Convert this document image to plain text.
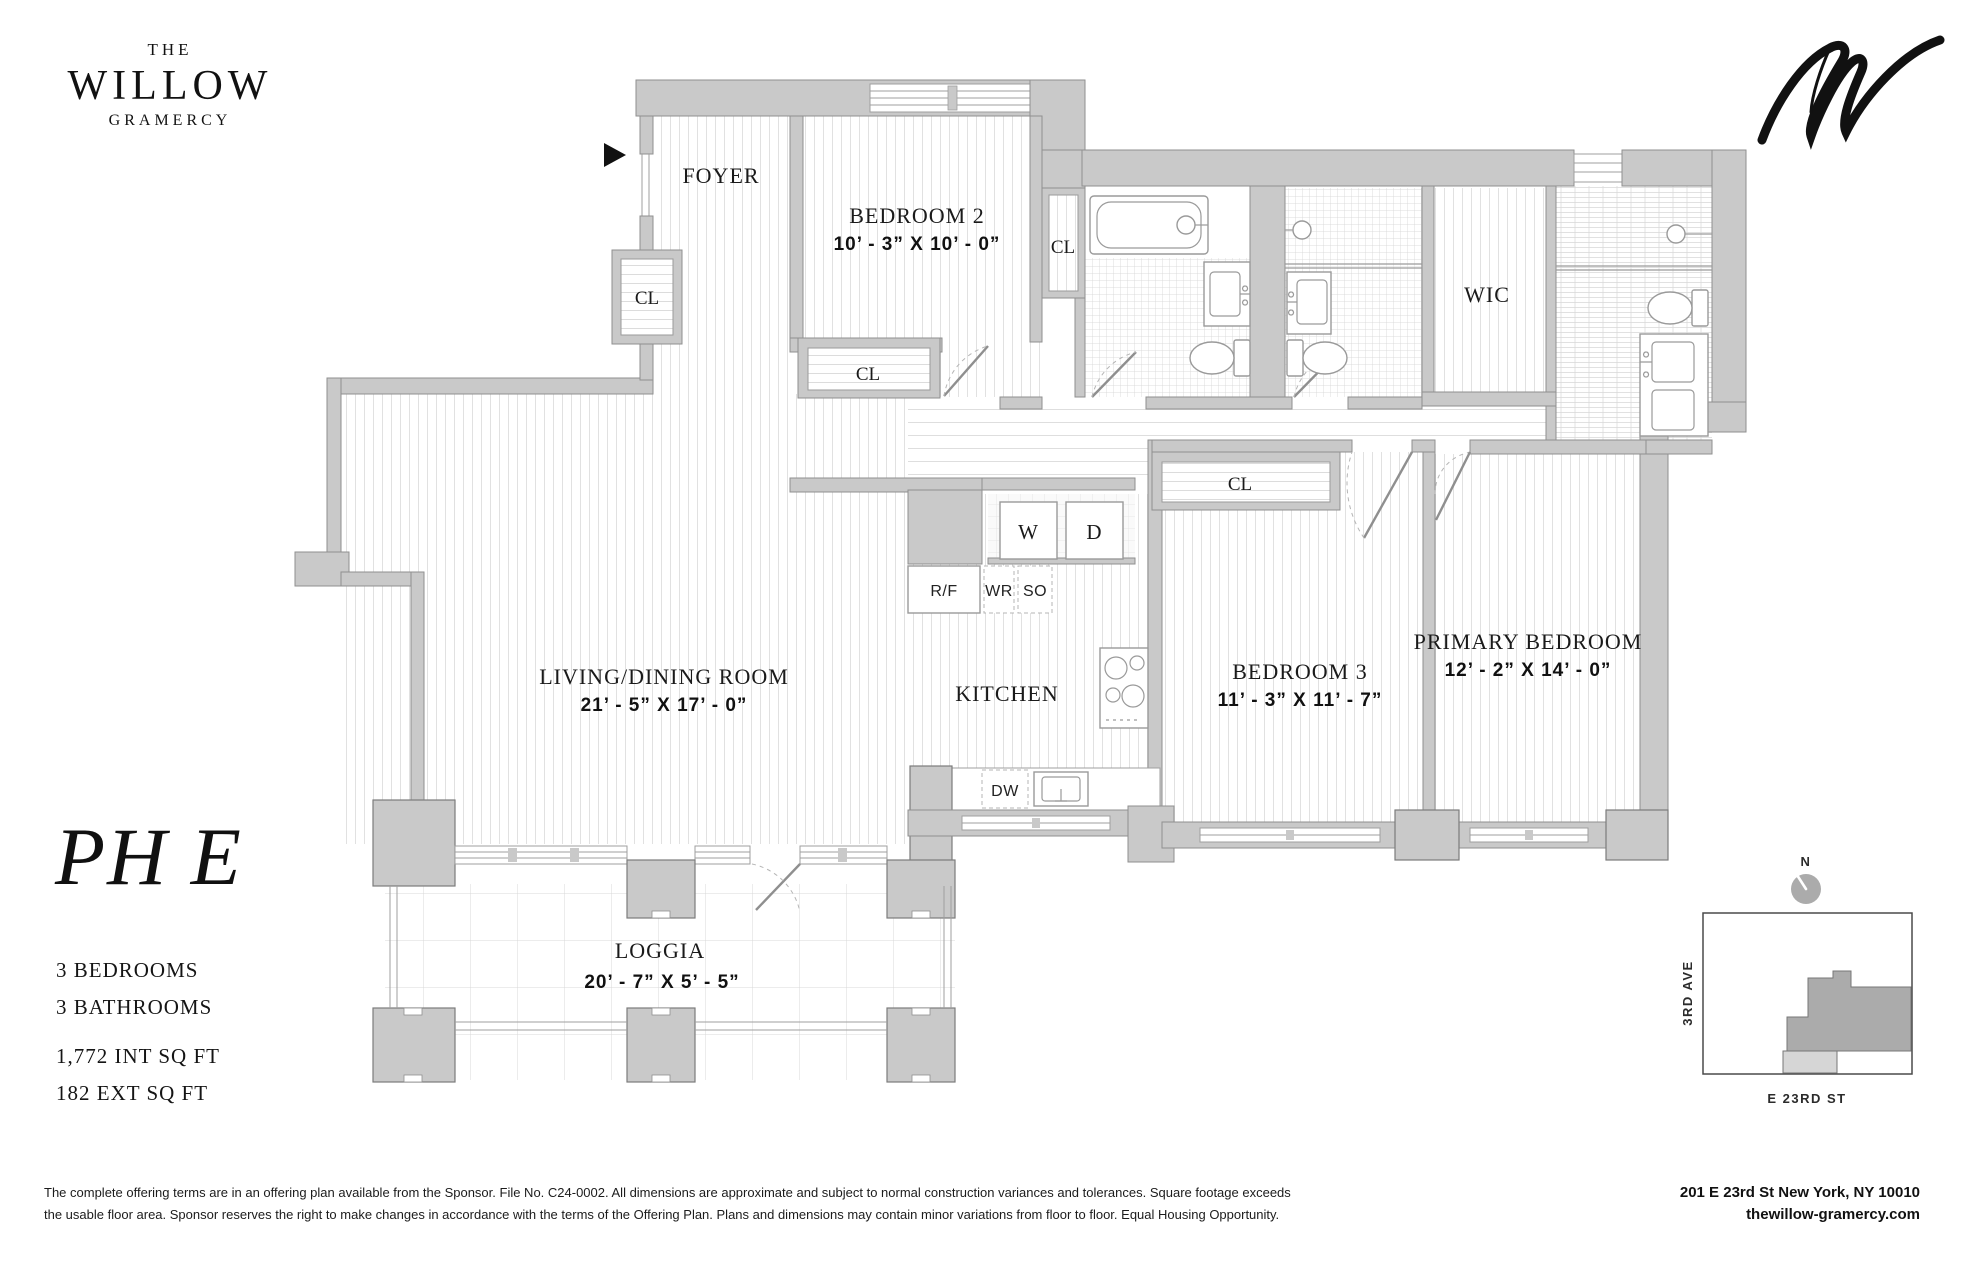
FOYER
BEDROOM 2
10’ - 3” X 10’ - 0”
LIVING/DINING ROOM
21’ - 5” X 17’ - 0”	KITCHEN
BEDROOM 3
11’ - 3” X 11’ - 7”
PRIMARY BEDROOM
12’ - 2” X 14’ - 0”
LOGGIA
20’ - 7” X 5’ - 5”
WIC
CL
CL
CL
CL
W D
R/F WR SO
DW
N
3RD AVE
E 23RD ST
THE
WILLOW
GRAMERCY
PH E
3 BEDROOMS
3 BATHROOMS
1,772 INT SQ FT
182 EXT SQ FT
The complete offering terms are in an offering plan available from the Sponsor. File No. C24-0002. All dimensions are approximate and subject to normal construction variances and tolerances. Square footage exceeds
the usable floor area. Sponsor reserves the right to make changes in accordance with the terms of the Offering Plan. Plans and dimensions may contain minor variations from floor to floor. Equal Housing Opportunity.
201 E 23rd St New York, NY 10010
thewillow-gramercy.com
